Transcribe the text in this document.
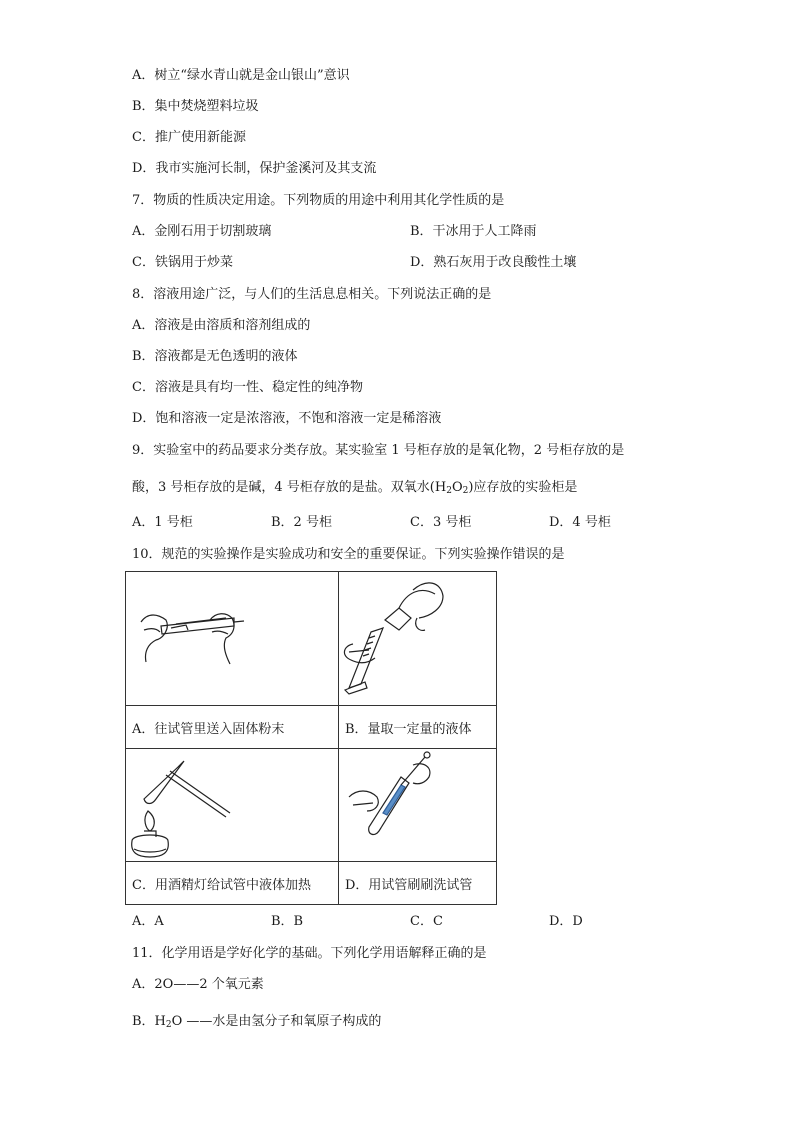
A．树立“绿水青山就是金山银山”意识
B．集中焚烧塑料垃圾
C．推广使用新能源
D．我市实施河长制，保护釜溪河及其支流
7．物质的性质决定用途。下列物质的用途中利用其化学性质的是
A．金刚石用于切割玻璃	B．干冰用于人工降雨
C．铁锅用于炒菜	D．熟石灰用于改良酸性土壤
8．溶液用途广泛，与人们的生活息息相关。下列说法正确的是
A．溶液是由溶质和溶剂组成的
B．溶液都是无色透明的液体
C．溶液是具有均一性、稳定性的纯净物
D．饱和溶液一定是浓溶液，不饱和溶液一定是稀溶液
9．实验室中的药品要求分类存放。某实验室 1 号柜存放的是氧化物，2 号柜存放的是
酸，3 号柜存放的是碱，4 号柜存放的是盐。双氧水$(H_2O_2)$应存放的实验柜是
A．1 号柜	B．2 号柜	C．3 号柜	D．4 号柜
10．规范的实验操作是实验成功和安全的重要保证。下列实验操作错误的是

A．往试管里送入固体粉末	B．量取一定量的液体

C．用酒精灯给试管中液体加热	D．用试管刷刷洗试管
A．A	B．B	C．C	D．D
11．化学用语是学好化学的基础。下列化学用语解释正确的是
A．2O——2 个氧元素
B．$H_2O$ ——水是由氢分子和氧原子构成的
